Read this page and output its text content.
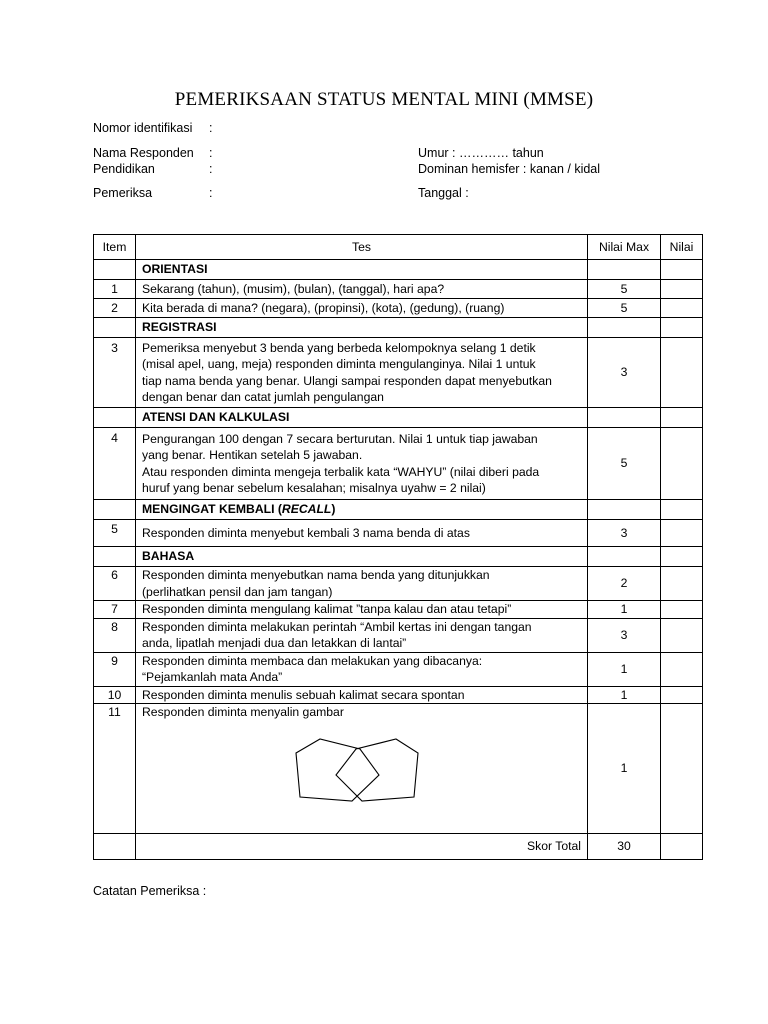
PEMERIKSAAN STATUS MENTAL MINI (MMSE)
Nomor identifikasi :
Nama Responden :	Umur : ………… tahun
Pendidikan	:	Dominan hemisfer : kanan / kidal
Pemeriksa	:	Tanggal :
Item	Tes	Nilai Max	Nilai
	ORIENTASI		
1	Sekarang (tahun), (musim), (bulan), (tanggal), hari apa?	5	
2	Kita berada di mana? (negara), (propinsi), (kota), (gedung), (ruang)	5	
	REGISTRASI		
3	Pemeriksa menyebut 3 benda yang berbeda kelompoknya selang 1 detik
(misal apel, uang, meja) responden diminta mengulanginya. Nilai 1 untuk
tiap nama benda yang benar. Ulangi sampai responden dapat menyebutkan
dengan benar dan catat jumlah pengulangan	3	
	ATENSI DAN KALKULASI		
4	Pengurangan 100 dengan 7 secara berturutan. Nilai 1 untuk tiap jawaban
yang benar. Hentikan setelah 5 jawaban.
Atau responden diminta mengeja terbalik kata “WAHYU” (nilai diberi pada
huruf yang benar sebelum kesalahan; misalnya uyahw = 2 nilai)	5	
	MENGINGAT KEMBALI (RECALL)		
5	Responden diminta menyebut kembali 3 nama benda di atas	3	
	BAHASA		
6	Responden diminta menyebutkan nama benda yang ditunjukkan
(perlihatkan pensil dan jam tangan)	2	
7	Responden diminta mengulang kalimat ”tanpa kalau dan atau tetapi”	1	
8	Responden diminta melakukan perintah “Ambil kertas ini dengan tangan
anda, lipatlah menjadi dua dan letakkan di lantai”	3	
9	Responden diminta membaca dan melakukan yang dibacanya:
“Pejamkanlah mata Anda”	1	
10	Responden diminta menulis sebuah kalimat secara spontan	1	
11	Responden diminta menyalin gambar	1	
	Skor Total	30	
Catatan Pemeriksa :
